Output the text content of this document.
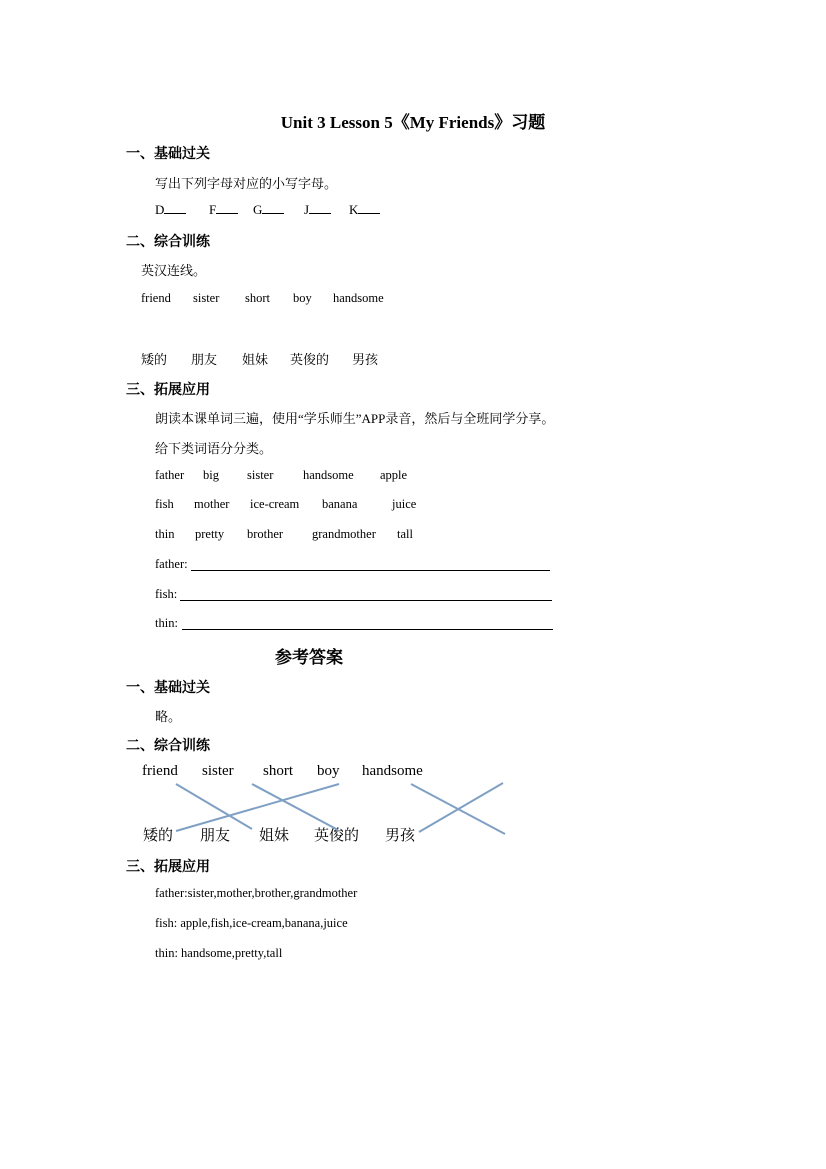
Unit 3 Lesson 5《My Friends》习题
一、基础过关
写出下列字母对应的小写字母。
D	F	G	J	K
二、综合训练
英汉连线。
friend sister short boy handsome
矮的 朋友 姐妹 英俊的 男孩
三、拓展应用
朗读本课单词三遍，使用“学乐师生”APP录音，然后与全班同学分享。
给下类词语分分类。
father big sister handsome apple
fish mother ice-cream banana	juice
thin pretty brother grandmother tall
father:
fish:
thin:
参考答案
一、基础过关
略。
二、综合训练
friend sister short boy handsome
矮的 朋友 姐妹 英俊的 男孩
三、拓展应用
father:sister,mother,brother,grandmother
fish: apple,fish,ice-cream,banana,juice
thin: handsome,pretty,tall
